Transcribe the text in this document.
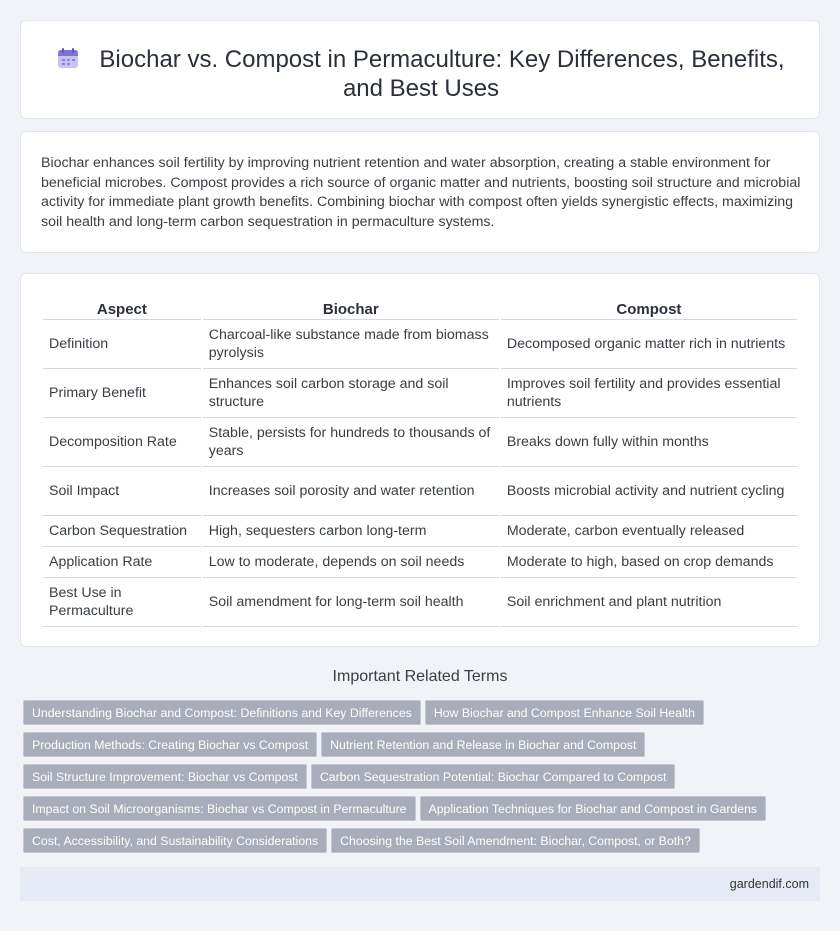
Biochar vs. Compost in Permaculture: Key Differences, Benefits,
and Best Uses

Biochar enhances soil fertility by improving nutrient retention and water absorption, creating a stable environment for beneficial microbes. Compost provides a rich source of organic matter and nutrients, boosting soil structure and microbial activity for immediate plant growth benefits. Combining biochar with compost often yields synergistic effects, maximizing soil health and long-term carbon sequestration in permaculture systems.

Aspect	Biochar	Compost
Definition	Charcoal-like substance made from biomass pyrolysis	Decomposed organic matter rich in nutrients
Primary Benefit	Enhances soil carbon storage and soil structure	Improves soil fertility and provides essential nutrients
Decomposition Rate	Stable, persists for hundreds to thousands of years	Breaks down fully within months
Soil Impact	Increases soil porosity and water retention	Boosts microbial activity and nutrient cycling
Carbon Sequestration	High, sequesters carbon long-term	Moderate, carbon eventually released
Application Rate	Low to moderate, depends on soil needs	Moderate to high, based on crop demands
Best Use in Permaculture	Soil amendment for long-term soil health	Soil enrichment and plant nutrition
Important Related Terms
Understanding Biochar and Compost: Definitions and Key Differences How Biochar and Compost Enhance Soil Health
Production Methods: Creating Biochar vs Compost Nutrient Retention and Release in Biochar and Compost
Soil Structure Improvement: Biochar vs Compost Carbon Sequestration Potential: Biochar Compared to Compost
Impact on Soil Microorganisms: Biochar vs Compost in Permaculture Application Techniques for Biochar and Compost in Gardens
Cost, Accessibility, and Sustainability Considerations Choosing the Best Soil Amendment: Biochar, Compost, or Both?
gardendif.com
